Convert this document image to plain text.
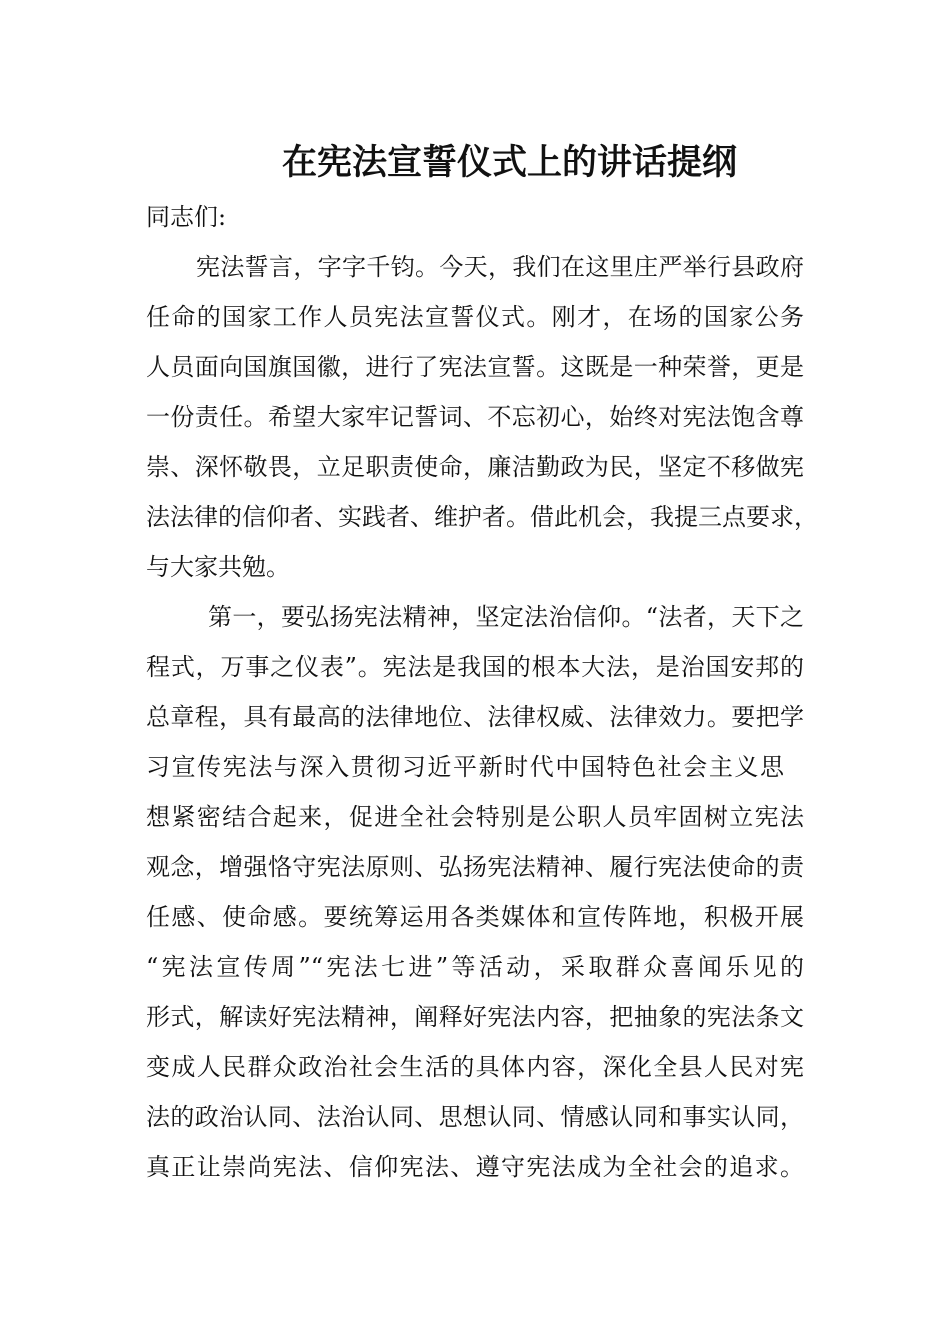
在宪法宣誓仪式上的讲话提纲

同志们:

宪法誓言，字字千钧。今天，我们在这里庄严举行县政府

任命的国家工作人员宪法宣誓仪式。刚才，在场的国家公务

人员面向国旗国徽，进行了宪法宣誓。这既是一种荣誉，更是

一份责任。希望大家牢记誓词、不忘初心，始终对宪法饱含尊

崇、深怀敬畏，立足职责使命，廉洁勤政为民，坚定不移做宪

法法律的信仰者、实践者、维护者。借此机会，我提三点要求，

与大家共勉。

第一，要弘扬宪法精神，坚定法治信仰。“法者，天下之

程式，万事之仪表”。宪法是我国的根本大法，是治国安邦的

总章程，具有最高的法律地位、法律权威、法律效力。要把学

习宣传宪法与深入贯彻习近平新时代中国特色社会主义思

想紧密结合起来，促进全社会特别是公职人员牢固树立宪法

观念，增强恪守宪法原则、弘扬宪法精神、履行宪法使命的责

任感、使命感。要统筹运用各类媒体和宣传阵地，积极开展

“宪法宣传周”“宪法七进”等活动，采取群众喜闻乐见的

形式，解读好宪法精神，阐释好宪法内容，把抽象的宪法条文

变成人民群众政治社会生活的具体内容，深化全县人民对宪

法的政治认同、法治认同、思想认同、情感认同和事实认同，

真正让崇尚宪法、信仰宪法、遵守宪法成为全社会的追求。
